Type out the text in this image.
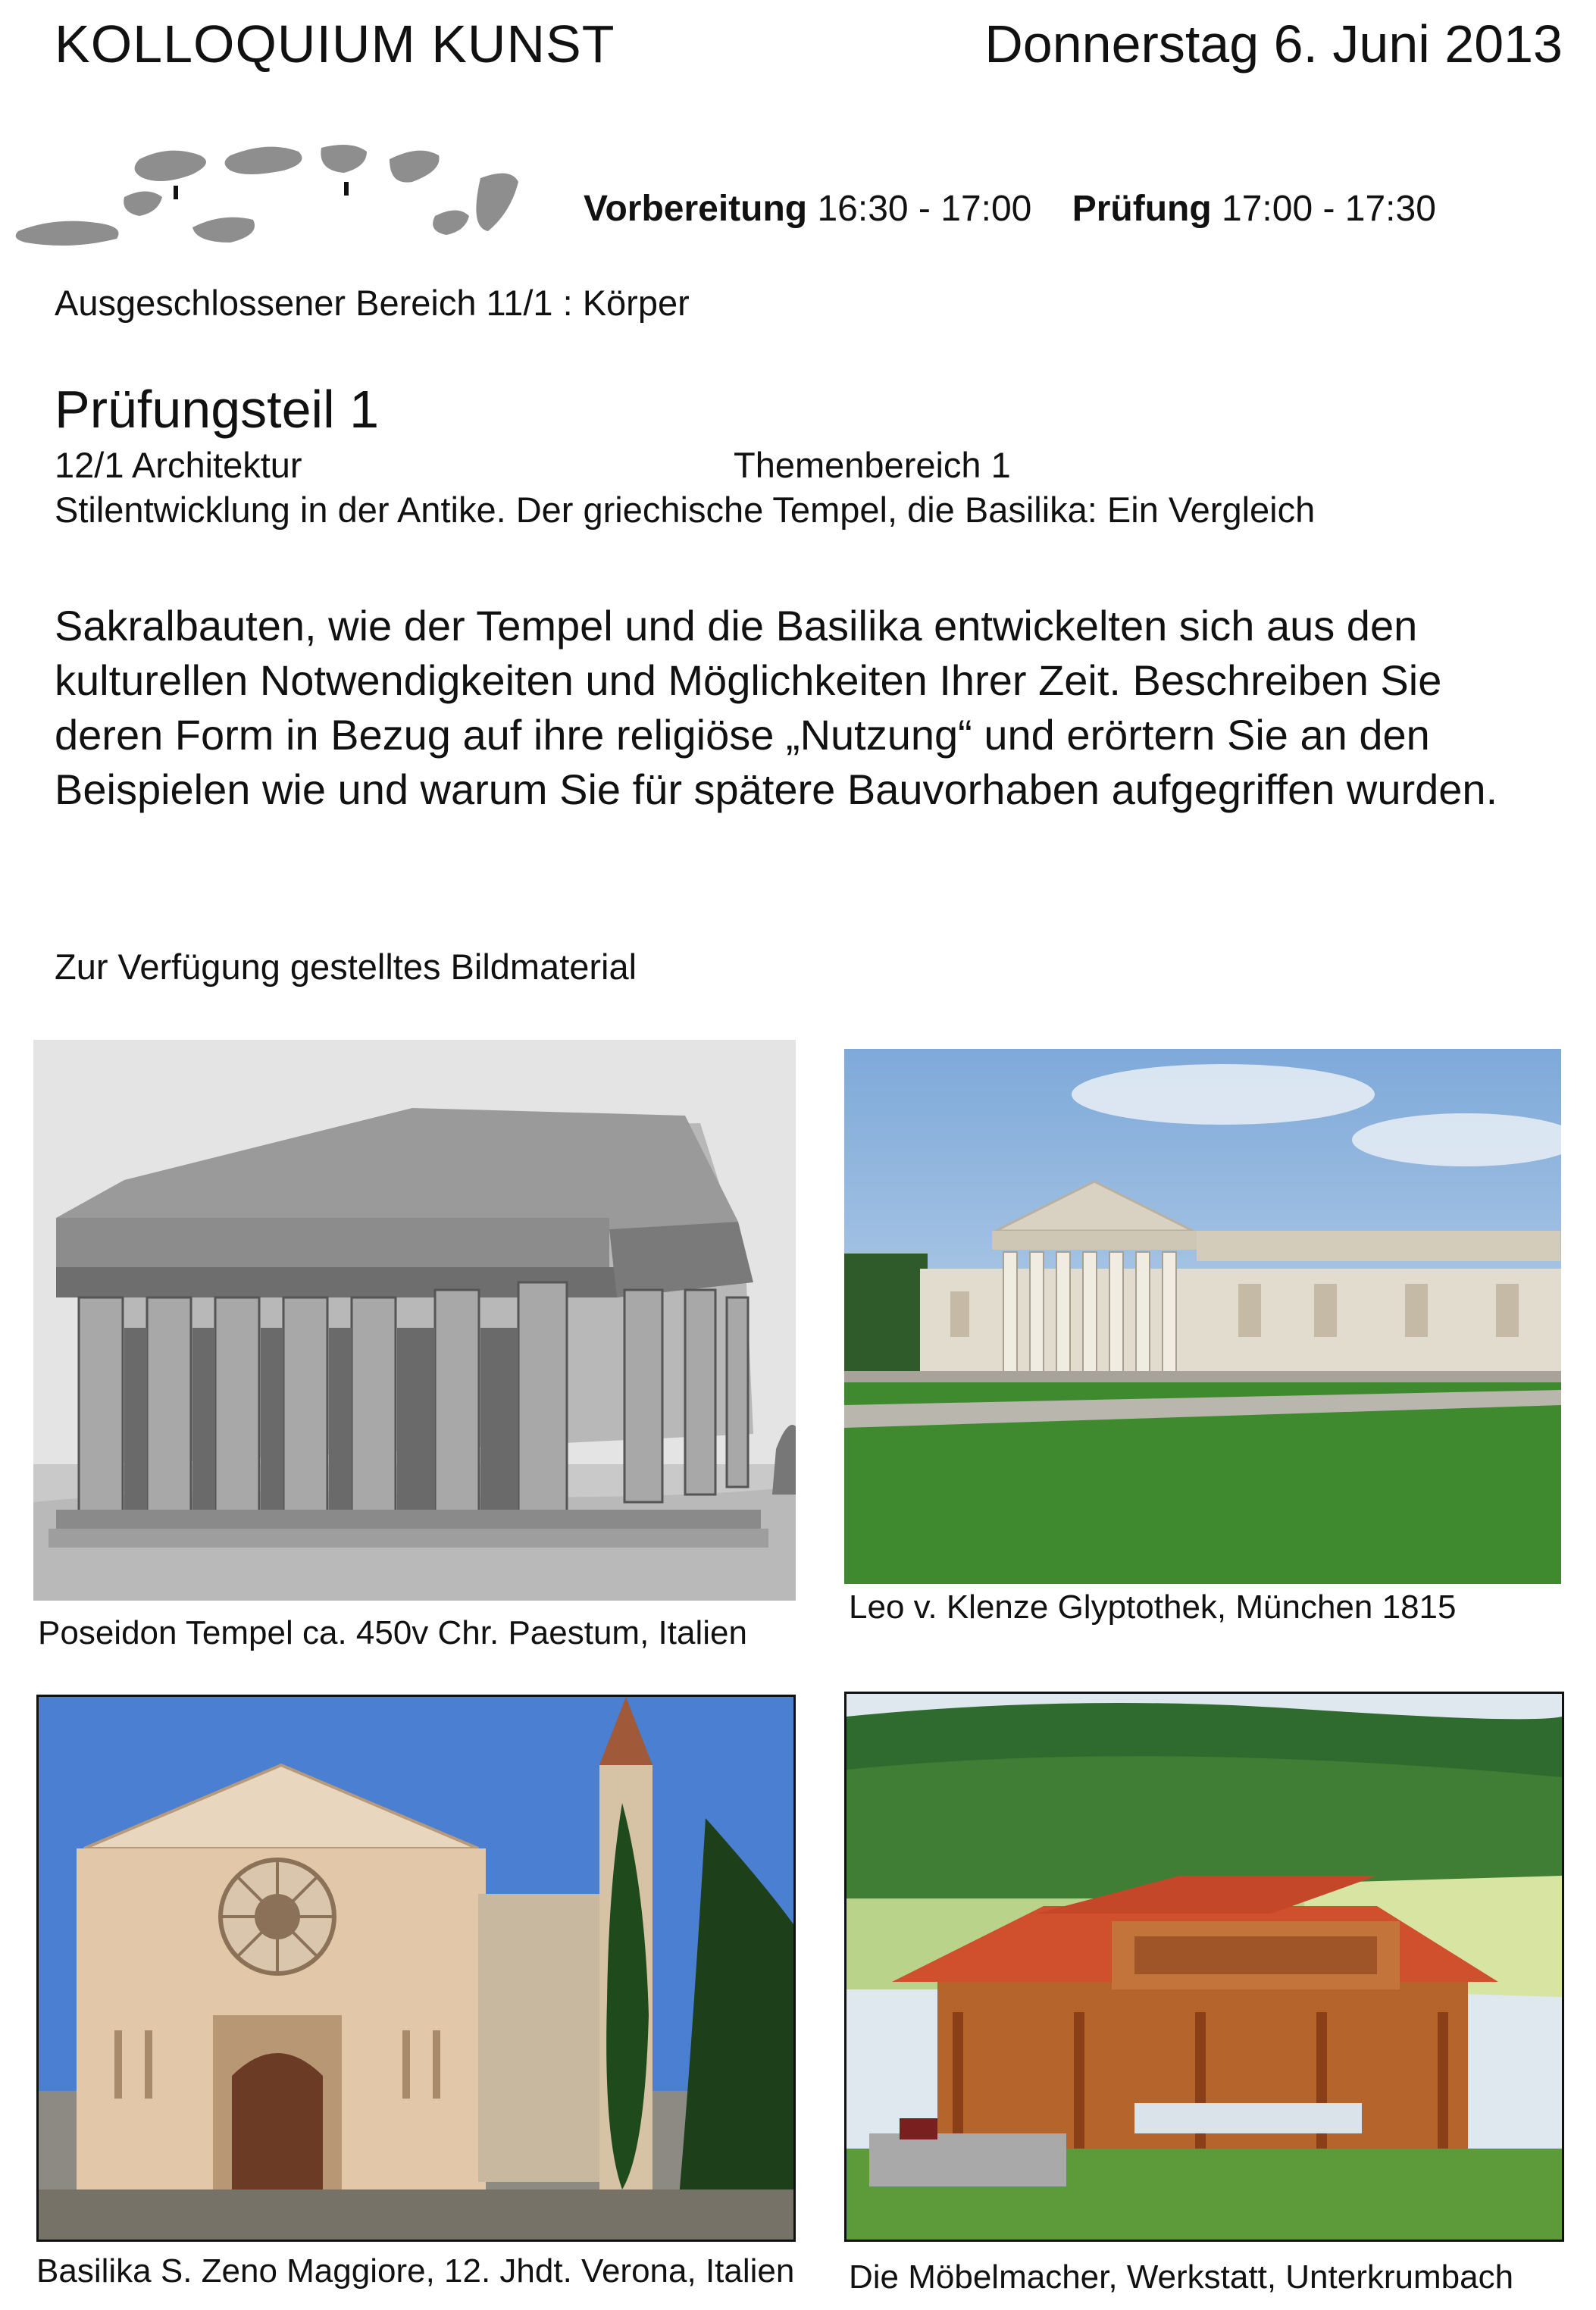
KOLLOQUIUM KUNST	Donnerstag 6. Juni 2013
Vorbereitung 16:30 - 17:00 Prüfung 17:00 - 17:30
Ausgeschlossener Bereich 11/1 : Körper
Prüfungsteil 1
12/1 Architektur	Themenbereich 1
Stilentwicklung in der Antike. Der griechische Tempel, die Basilika: Ein Vergleich

Sakralbauten, wie der Tempel und die Basilika entwickelten sich aus den

kulturellen Notwendigkeiten und Möglichkeiten Ihrer Zeit. Beschreiben Sie

deren Form in Bezug auf ihre religiöse „Nutzung“ und erörtern Sie an den

Beispielen wie und warum Sie für spätere Bauvorhaben aufgegriffen wurden.

Zur Verfügung gestelltes Bildmaterial
Poseidon Tempel ca. 450v Chr. Paestum, Italien
Leo v. Klenze Glyptothek, München 1815
Basilika S. Zeno Maggiore, 12. Jhdt. Verona, Italien Die Möbelmacher, Werkstatt, Unterkrumbach
